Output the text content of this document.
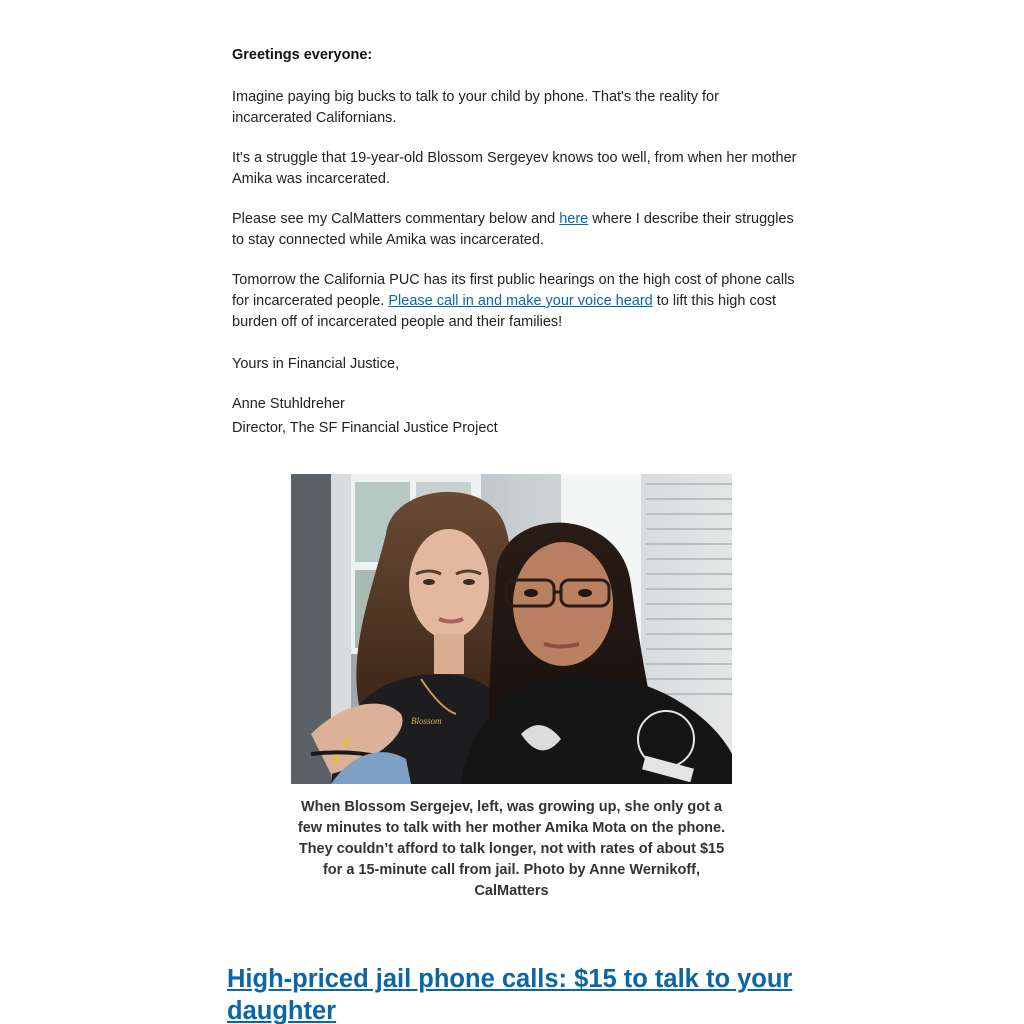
Greetings everyone:

Imagine paying big bucks to talk to your child by phone. That's the reality for incarcerated Californians.

It's a struggle that 19-year-old Blossom Sergeyev knows too well, from when her mother Amika was incarcerated.

Please see my CalMatters commentary below and here where I describe their struggles to stay connected while Amika was incarcerated.

Tomorrow the California PUC has its first public hearings on the high cost of phone calls for incarcerated people. Please call in and make your voice heard to lift this high cost burden off of incarcerated people and their families!

Yours in Financial Justice,

Anne Stuhldreher

Director, The SF Financial Justice Project

Blossom

When Blossom Sergejev, left, was growing up, she only got a few minutes to talk with her mother Amika Mota on the phone. They couldn’t afford to talk longer, not with rates of about $15 for a 15-minute call from jail. Photo by Anne Wernikoff, CalMatters

High-priced jail phone calls: $15 to talk to your daughter
